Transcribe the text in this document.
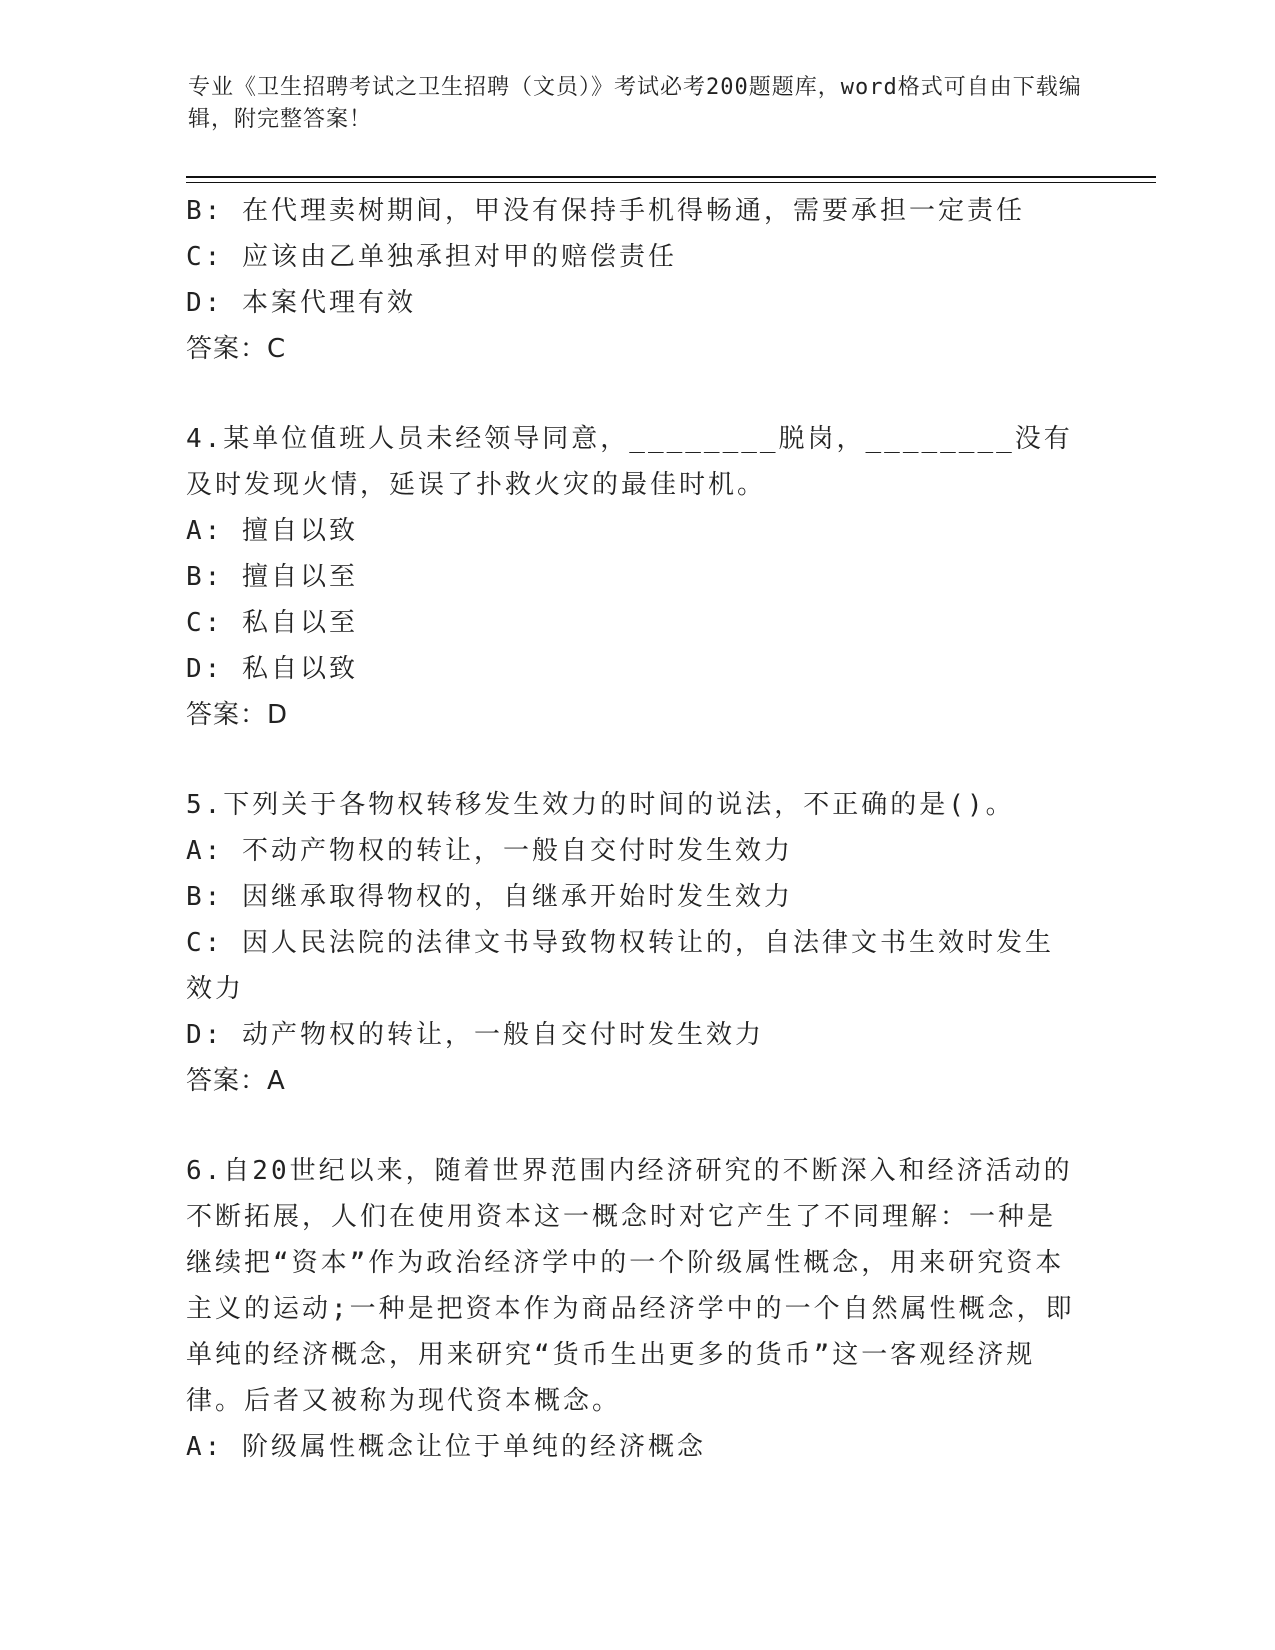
专业《卫生招聘考试之卫生招聘（文员）》考试必考200题题库，word格式可自由下载编辑，附完整答案！
B: 在代理卖树期间，甲没有保持手机得畅通，需要承担一定责任
C: 应该由乙单独承担对甲的赔偿责任
D: 本案代理有效
答案：C
4.某单位值班人员未经领导同意，________脱岗，________没有及时发现火情，延误了扑救火灾的最佳时机。
A: 擅自以致
B: 擅自以至
C: 私自以至
D: 私自以致
答案：D
5.下列关于各物权转移发生效力的时间的说法，不正确的是()。
A: 不动产物权的转让，一般自交付时发生效力
B: 因继承取得物权的，自继承开始时发生效力
C: 因人民法院的法律文书导致物权转让的，自法律文书生效时发生效力
D: 动产物权的转让，一般自交付时发生效力
答案：A
6.自20世纪以来，随着世界范围内经济研究的不断深入和经济活动的不断拓展，人们在使用资本这一概念时对它产生了不同理解：一种是继续把“资本”作为政治经济学中的一个阶级属性概念，用来研究资本主义的运动;一种是把资本作为商品经济学中的一个自然属性概念，即单纯的经济概念，用来研究“货币生出更多的货币”这一客观经济规律。后者又被称为现代资本概念。
A: 阶级属性概念让位于单纯的经济概念
